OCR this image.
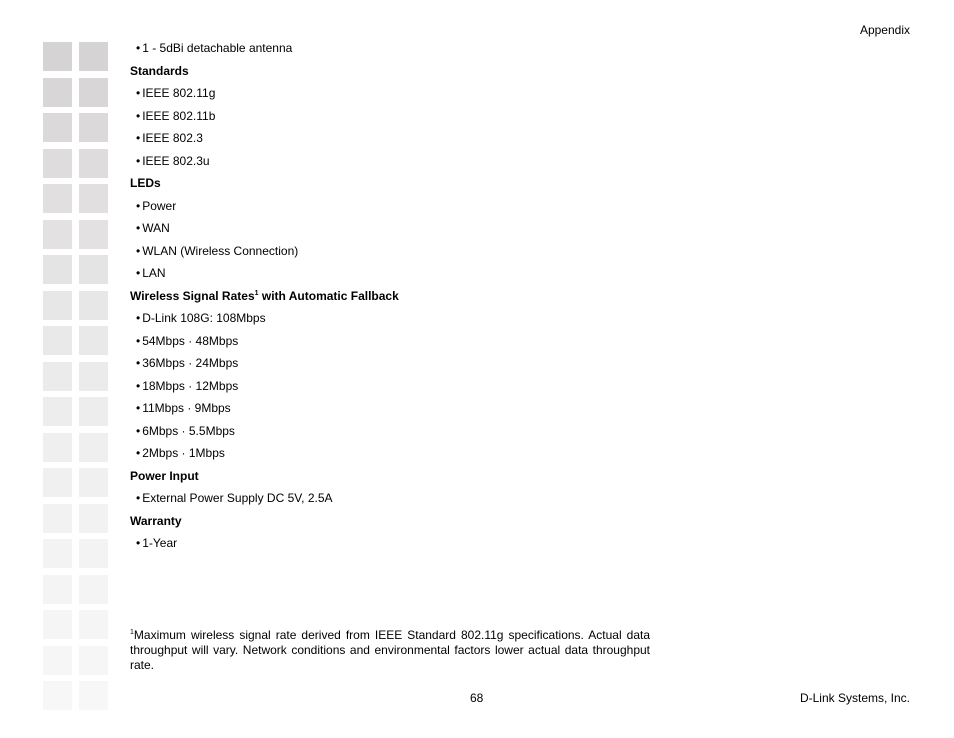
Appendix
• 1 - 5dBi detachable antenna
Standards
• IEEE 802.11g
• IEEE 802.11b
• IEEE 802.3
• IEEE 802.3u
LEDs
• Power
• WAN
• WLAN (Wireless Connection)
• LAN
Wireless Signal Rates$^1$ with Automatic Fallback
• D-Link 108G: 108Mbps
• 54Mbps · 48Mbps
• 36Mbps · 24Mbps
• 18Mbps · 12Mbps
• 11Mbps · 9Mbps
• 6Mbps · 5.5Mbps
• 2Mbps · 1Mbps
Power Input
• External Power Supply DC 5V, 2.5A
Warranty
• 1-Year
$^1$Maximum wireless signal rate derived from IEEE Standard 802.11g specifications. Actual data throughput will vary. Network conditions and environmental factors lower actual data throughput rate.
68	D-Link Systems, Inc.
